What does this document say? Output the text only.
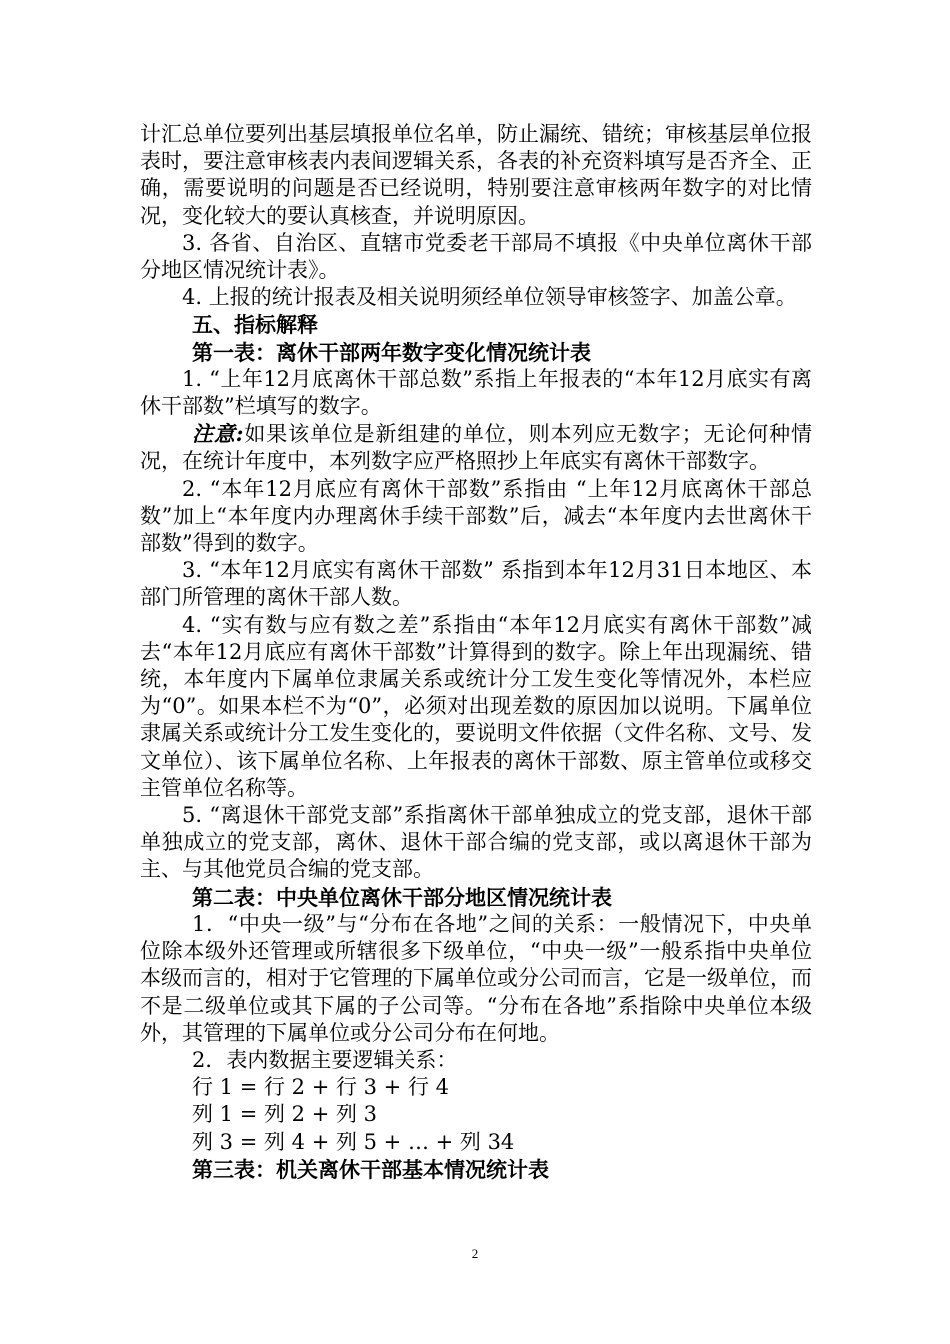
计汇总单位要列出基层填报单位名单，防止漏统、错统；审核基层单位报表时，要注意审核表内表间逻辑关系，各表的补充资料填写是否齐全、正确，需要说明的问题是否已经说明，特别要注意审核两年数字的对比情况，变化较大的要认真核查，并说明原因。

3. 各省、自治区、直辖市党委老干部局不填报《中央单位离休干部分地区情况统计表》。

4. 上报的统计报表及相关说明须经单位领导审核签字、加盖公章。

五、指标解释

第一表：离休干部两年数字变化情况统计表

1. “上年12月底离休干部总数”系指上年报表的“本年12月底实有离休干部数”栏填写的数字。

注意:如果该单位是新组建的单位，则本列应无数字；无论何种情况，在统计年度中，本列数字应严格照抄上年底实有离休干部数字。

2. “本年12月底应有离休干部数”系指由 “上年12月底离休干部总数”加上“本年度内办理离休手续干部数”后，减去“本年度内去世离休干部数”得到的数字。

3. “本年12月底实有离休干部数” 系指到本年12月31日本地区、本部门所管理的离休干部人数。

4. “实有数与应有数之差”系指由“本年12月底实有离休干部数”减去“本年12月底应有离休干部数”计算得到的数字。除上年出现漏统、错统，本年度内下属单位隶属关系或统计分工发生变化等情况外，本栏应为“0”。如果本栏不为“0”，必须对出现差数的原因加以说明。下属单位隶属关系或统计分工发生变化的，要说明文件依据（文件名称、文号、发文单位）、该下属单位名称、上年报表的离休干部数、原主管单位或移交主管单位名称等。

5. “离退休干部党支部”系指离休干部单独成立的党支部，退休干部单独成立的党支部，离休、退休干部合编的党支部，或以离退休干部为主、与其他党员合编的党支部。

第二表：中央单位离休干部分地区情况统计表

1．“中央一级”与“分布在各地”之间的关系：一般情况下，中央单位除本级外还管理或所辖很多下级单位，“中央一级”一般系指中央单位本级而言的，相对于它管理的下属单位或分公司而言，它是一级单位，而不是二级单位或其下属的子公司等。“分布在各地”系指除中央单位本级外，其管理的下属单位或分公司分布在何地。

2．表内数据主要逻辑关系：

行 1 = 行 2 + 行 3 + 行 4

列 1 = 列 2 + 列 3

列 3 = 列 4 + 列 5 + … + 列 34

第三表：机关离休干部基本情况统计表

2
